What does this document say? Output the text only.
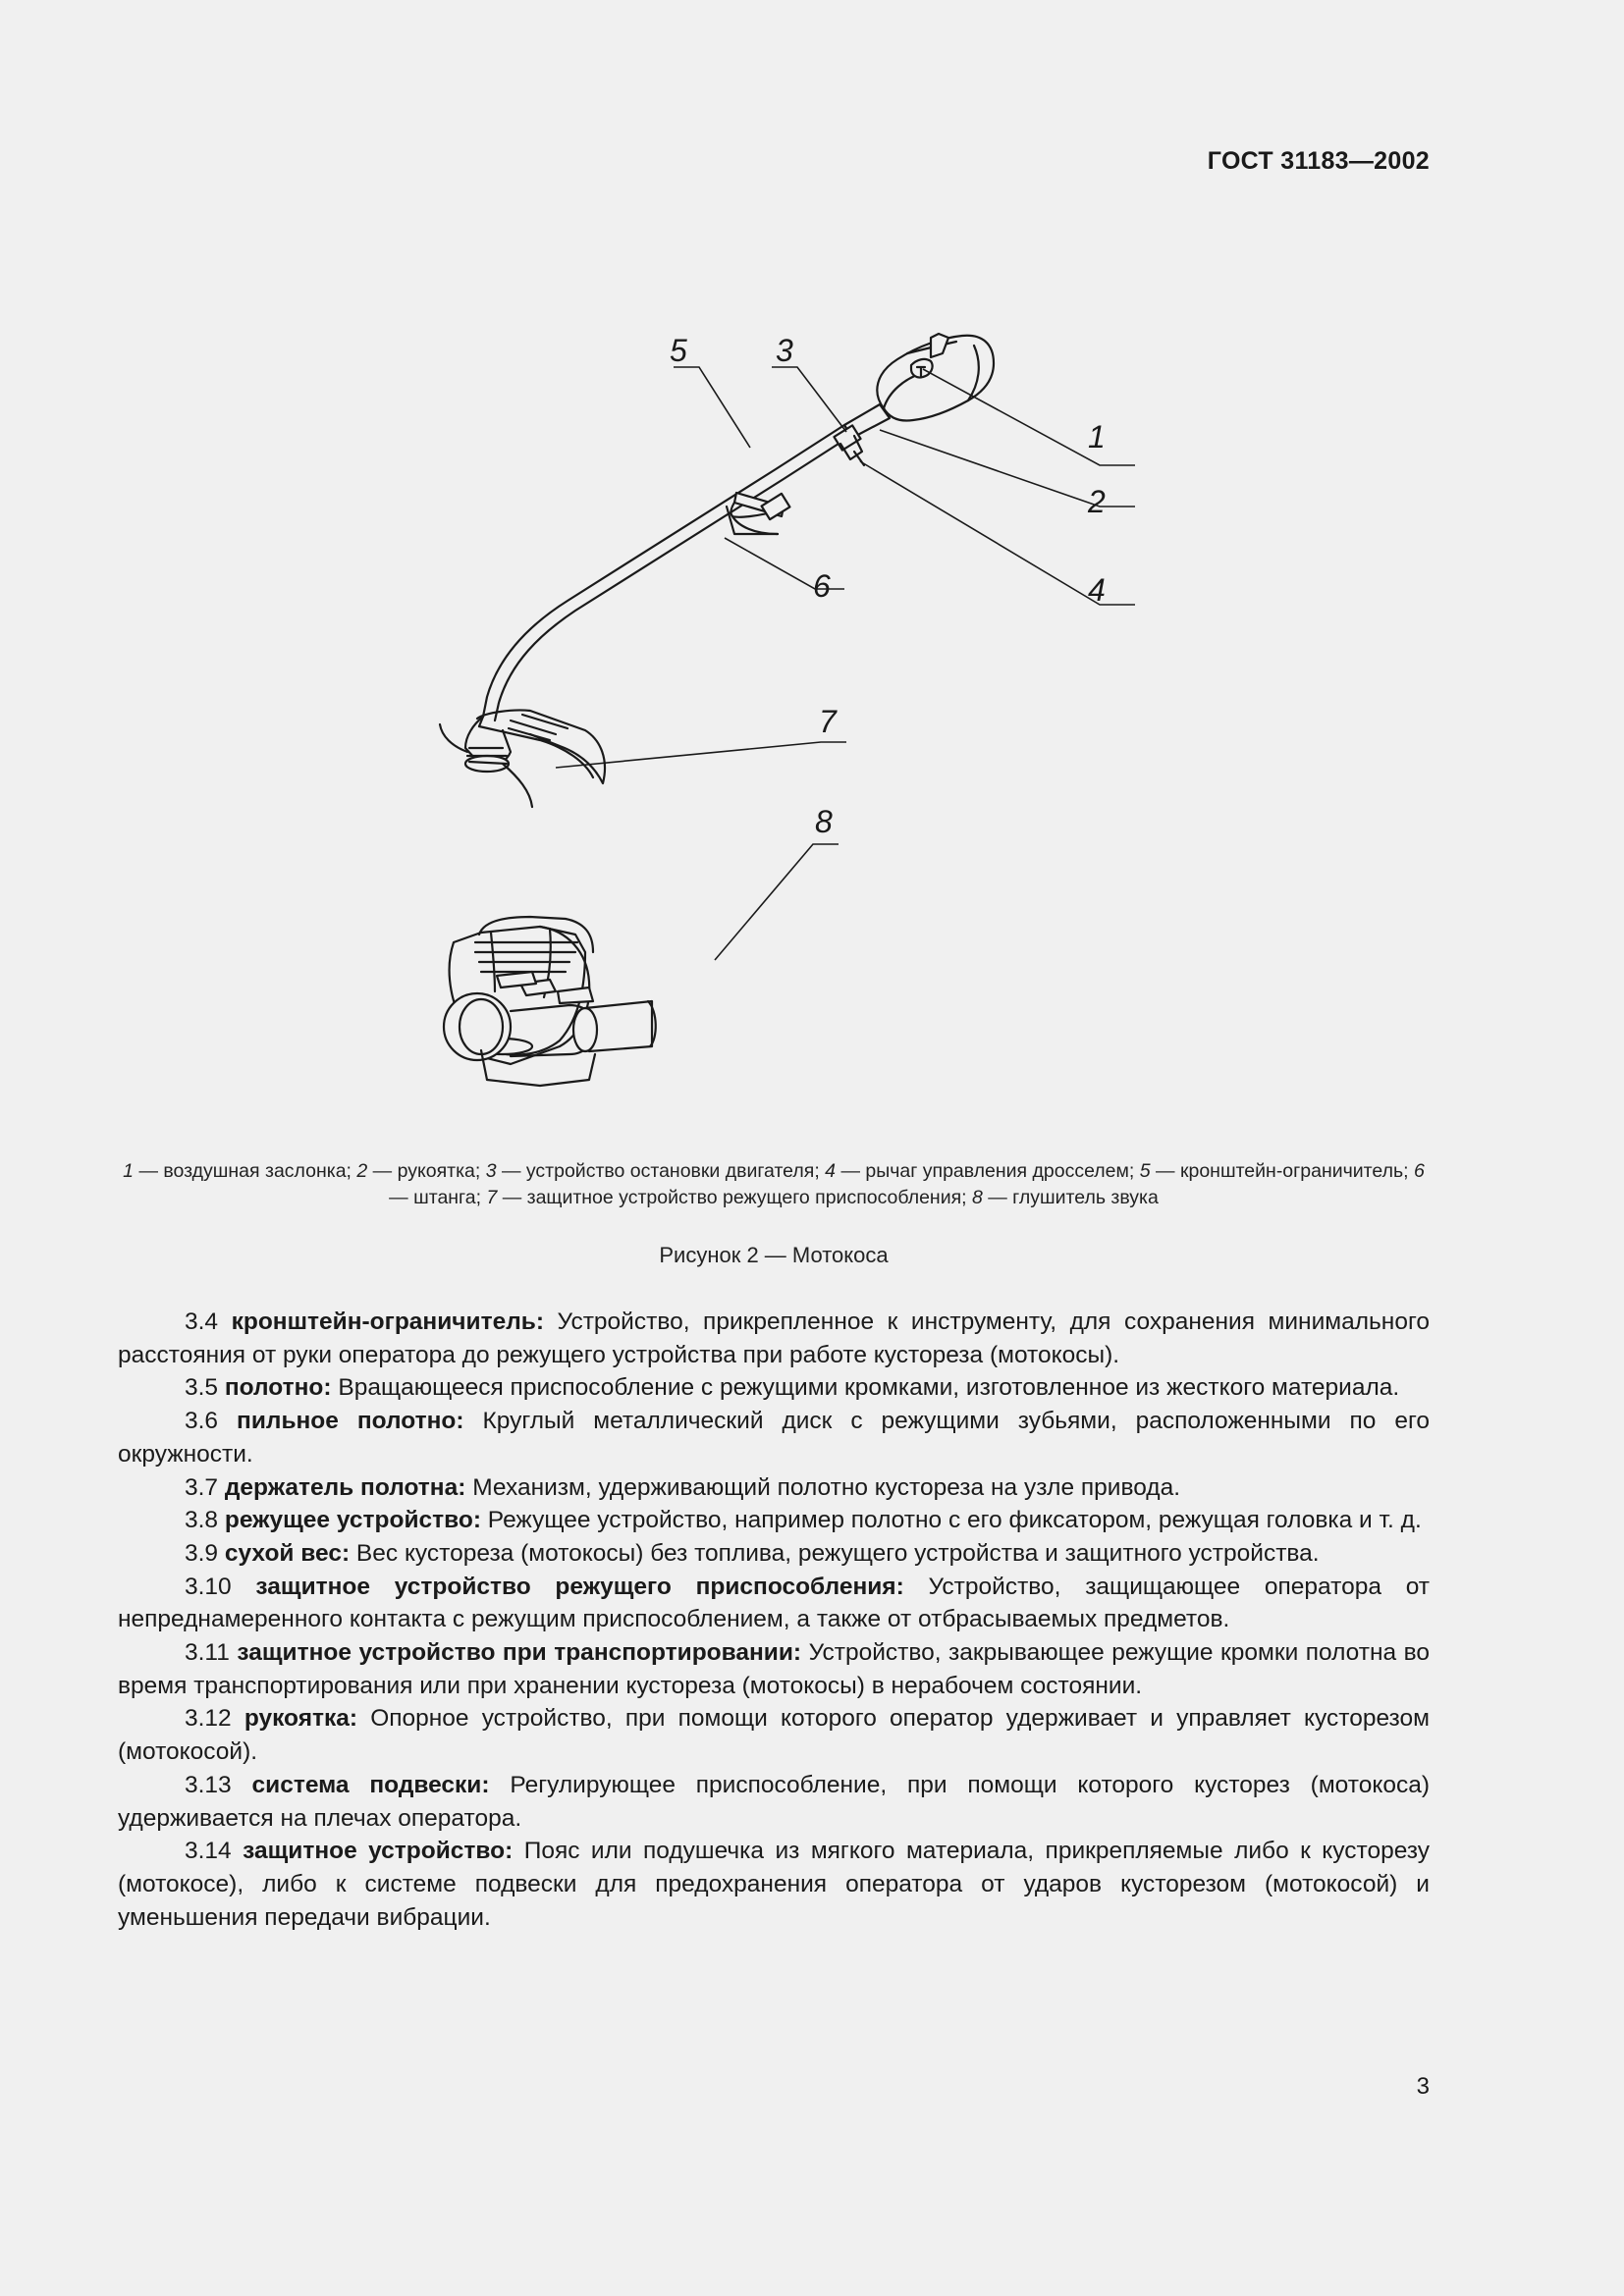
ГОСТ 31183—2002
5	3
1
2
6	4
7
8
1 — воздушная заслонка; 2 — рукоятка; 3 — устройство остановки двигателя; 4 — рычаг управления дросселем; 5 — кронштейн-ограничитель; 6 — штанга; 7 — защитное устройство режущего приспособления; 8 — глушитель звука
Рисунок 2 — Мотокоса

3.4 кронштейн-ограничитель: Устройство, прикрепленное к инструменту, для сохранения минимального расстояния от руки оператора до режущего устройства при работе кустореза (мотокосы).

3.5 полотно: Вращающееся приспособление с режущими кромками, изготовленное из жесткого материала.

3.6 пильное полотно: Круглый металлический диск с режущими зубьями, расположенными по его окружности.

3.7 держатель полотна: Механизм, удерживающий полотно кустореза на узле привода.

3.8 режущее устройство: Режущее устройство, например полотно с его фиксатором, режущая головка и т. д.

3.9 сухой вес: Вес кустореза (мотокосы) без топлива, режущего устройства и защитного устройства.

3.10 защитное устройство режущего приспособления: Устройство, защищающее оператора от непреднамеренного контакта с режущим приспособлением, а также от отбрасываемых предметов.

3.11 защитное устройство при транспортировании: Устройство, закрывающее режущие кромки полотна во время транспортирования или при хранении кустореза (мотокосы) в нерабочем состоянии.

3.12 рукоятка: Опорное устройство, при помощи которого оператор удерживает и управляет кусторезом (мотокосой).

3.13 система подвески: Регулирующее приспособление, при помощи которого кусторез (мотокоса) удерживается на плечах оператора.

3.14 защитное устройство: Пояс или подушечка из мягкого материала, прикрепляемые либо к кусторезу (мотокосе), либо к системе подвески для предохранения оператора от ударов кусторезом (мотокосой) и уменьшения передачи вибрации.

3
